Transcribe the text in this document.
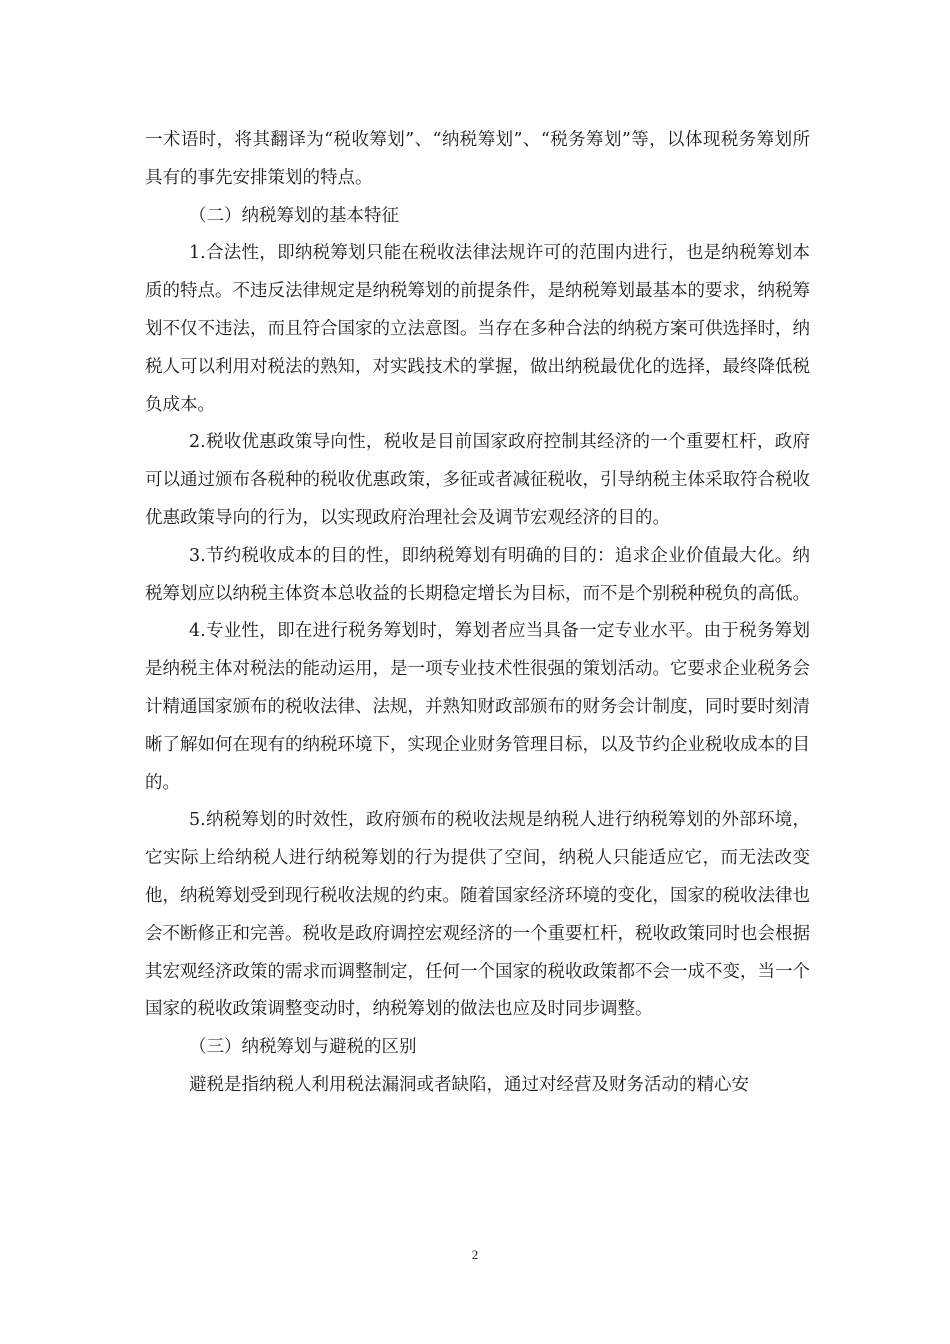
一术语时，将其翻译为“税收筹划”、“纳税筹划”、“税务筹划”等，以体现税务筹划所具有的事先安排策划的特点。

（二）纳税筹划的基本特征

1.合法性，即纳税筹划只能在税收法律法规许可的范围内进行，也是纳税筹划本质的特点。不违反法律规定是纳税筹划的前提条件，是纳税筹划最基本的要求，纳税筹划不仅不违法，而且符合国家的立法意图。当存在多种合法的纳税方案可供选择时，纳税人可以利用对税法的熟知，对实践技术的掌握，做出纳税最优化的选择，最终降低税负成本。

2.税收优惠政策导向性，税收是目前国家政府控制其经济的一个重要杠杆，政府可以通过颁布各税种的税收优惠政策，多征或者减征税收，引导纳税主体采取符合税收优惠政策导向的行为，以实现政府治理社会及调节宏观经济的目的。

3.节约税收成本的目的性，即纳税筹划有明确的目的：追求企业价值最大化。纳税筹划应以纳税主体资本总收益的长期稳定增长为目标，而不是个别税种税负的高低。

4.专业性，即在进行税务筹划时，筹划者应当具备一定专业水平。由于税务筹划是纳税主体对税法的能动运用，是一项专业技术性很强的策划活动。它要求企业税务会计精通国家颁布的税收法律、法规，并熟知财政部颁布的财务会计制度，同时要时刻清晰了解如何在现有的纳税环境下，实现企业财务管理目标，以及节约企业税收成本的目的。

5.纳税筹划的时效性，政府颁布的税收法规是纳税人进行纳税筹划的外部环境，它实际上给纳税人进行纳税筹划的行为提供了空间，纳税人只能适应它，而无法改变他，纳税筹划受到现行税收法规的约束。随着国家经济环境的变化，国家的税收法律也会不断修正和完善。税收是政府调控宏观经济的一个重要杠杆，税收政策同时也会根据其宏观经济政策的需求而调整制定，任何一个国家的税收政策都不会一成不变，当一个国家的税收政策调整变动时，纳税筹划的做法也应及时同步调整。

（三）纳税筹划与避税的区别

避税是指纳税人利用税法漏洞或者缺陷，通过对经营及财务活动的精心安

2
